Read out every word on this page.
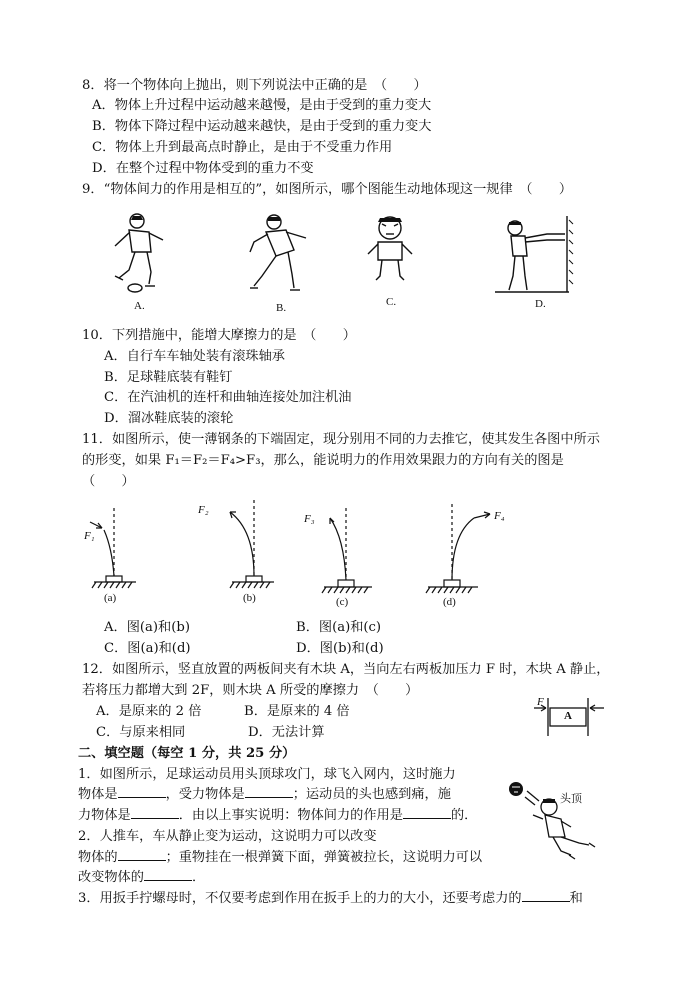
8．将一个物体向上抛出，则下列说法中正确的是　（　　）
A．物体上升过程中运动越来越慢，是由于受到的重力变大
B．物体下降过程中运动越来越快，是由于受到的重力变大
C．物体上升到最高点时静止，是由于不受重力作用
D．在整个过程中物体受到的重力不变
9．“物体间力的作用是相互的”，如图所示，哪个图能生动地体现这一规律　（　　）
A.	B.	C.	D.
10．下列措施中，能增大摩擦力的是　（　　）
A．自行车车轴处装有滚珠轴承
B．足球鞋底装有鞋钉
C．在汽油机的连杆和曲轴连接处加注机油
D．溜冰鞋底装的滚轮
11．如图所示，使一薄钢条的下端固定，现分别用不同的力去推它，使其发生各图中所示
的形变，如果 F₁＝F₂＝F₄>F₃，那么，能说明力的作用效果跟力的方向有关的图是
（　　）
F₁
(a)
F₂
(b)
F₃
(c)
F₄
(d)
A．图(a)和(b)	B．图(a)和(c)
C．图(a)和(d)	D．图(b)和(d)
12．如图所示，竖直放置的两板间夹有木块 A，当向左右两板加压力 F 时，木块 A 静止，
若将压力都增大到 2F，则木块 A 所受的摩擦力　（　　）
A．是原来的 2 倍	B．是原来的 4 倍
C．与原来相同	D．无法计算
F
A
二、填空题（每空 1 分，共 25 分）
1．如图所示，足球运动员用头顶球攻门，球飞入网内，这时施力
物体是	，受力物体是	；运动员的头也感到痛，施
力物体是	．由以上事实说明：物体间力的作用是	的．
头顶
2．人推车，车从静止变为运动，这说明力可以改变
物体的	；重物挂在一根弹簧下面，弹簧被拉长，这说明力可以
改变物体的	．
3．用扳手拧螺母时，不仅要考虑到作用在扳手上的力的大小，还要考虑力的	和
